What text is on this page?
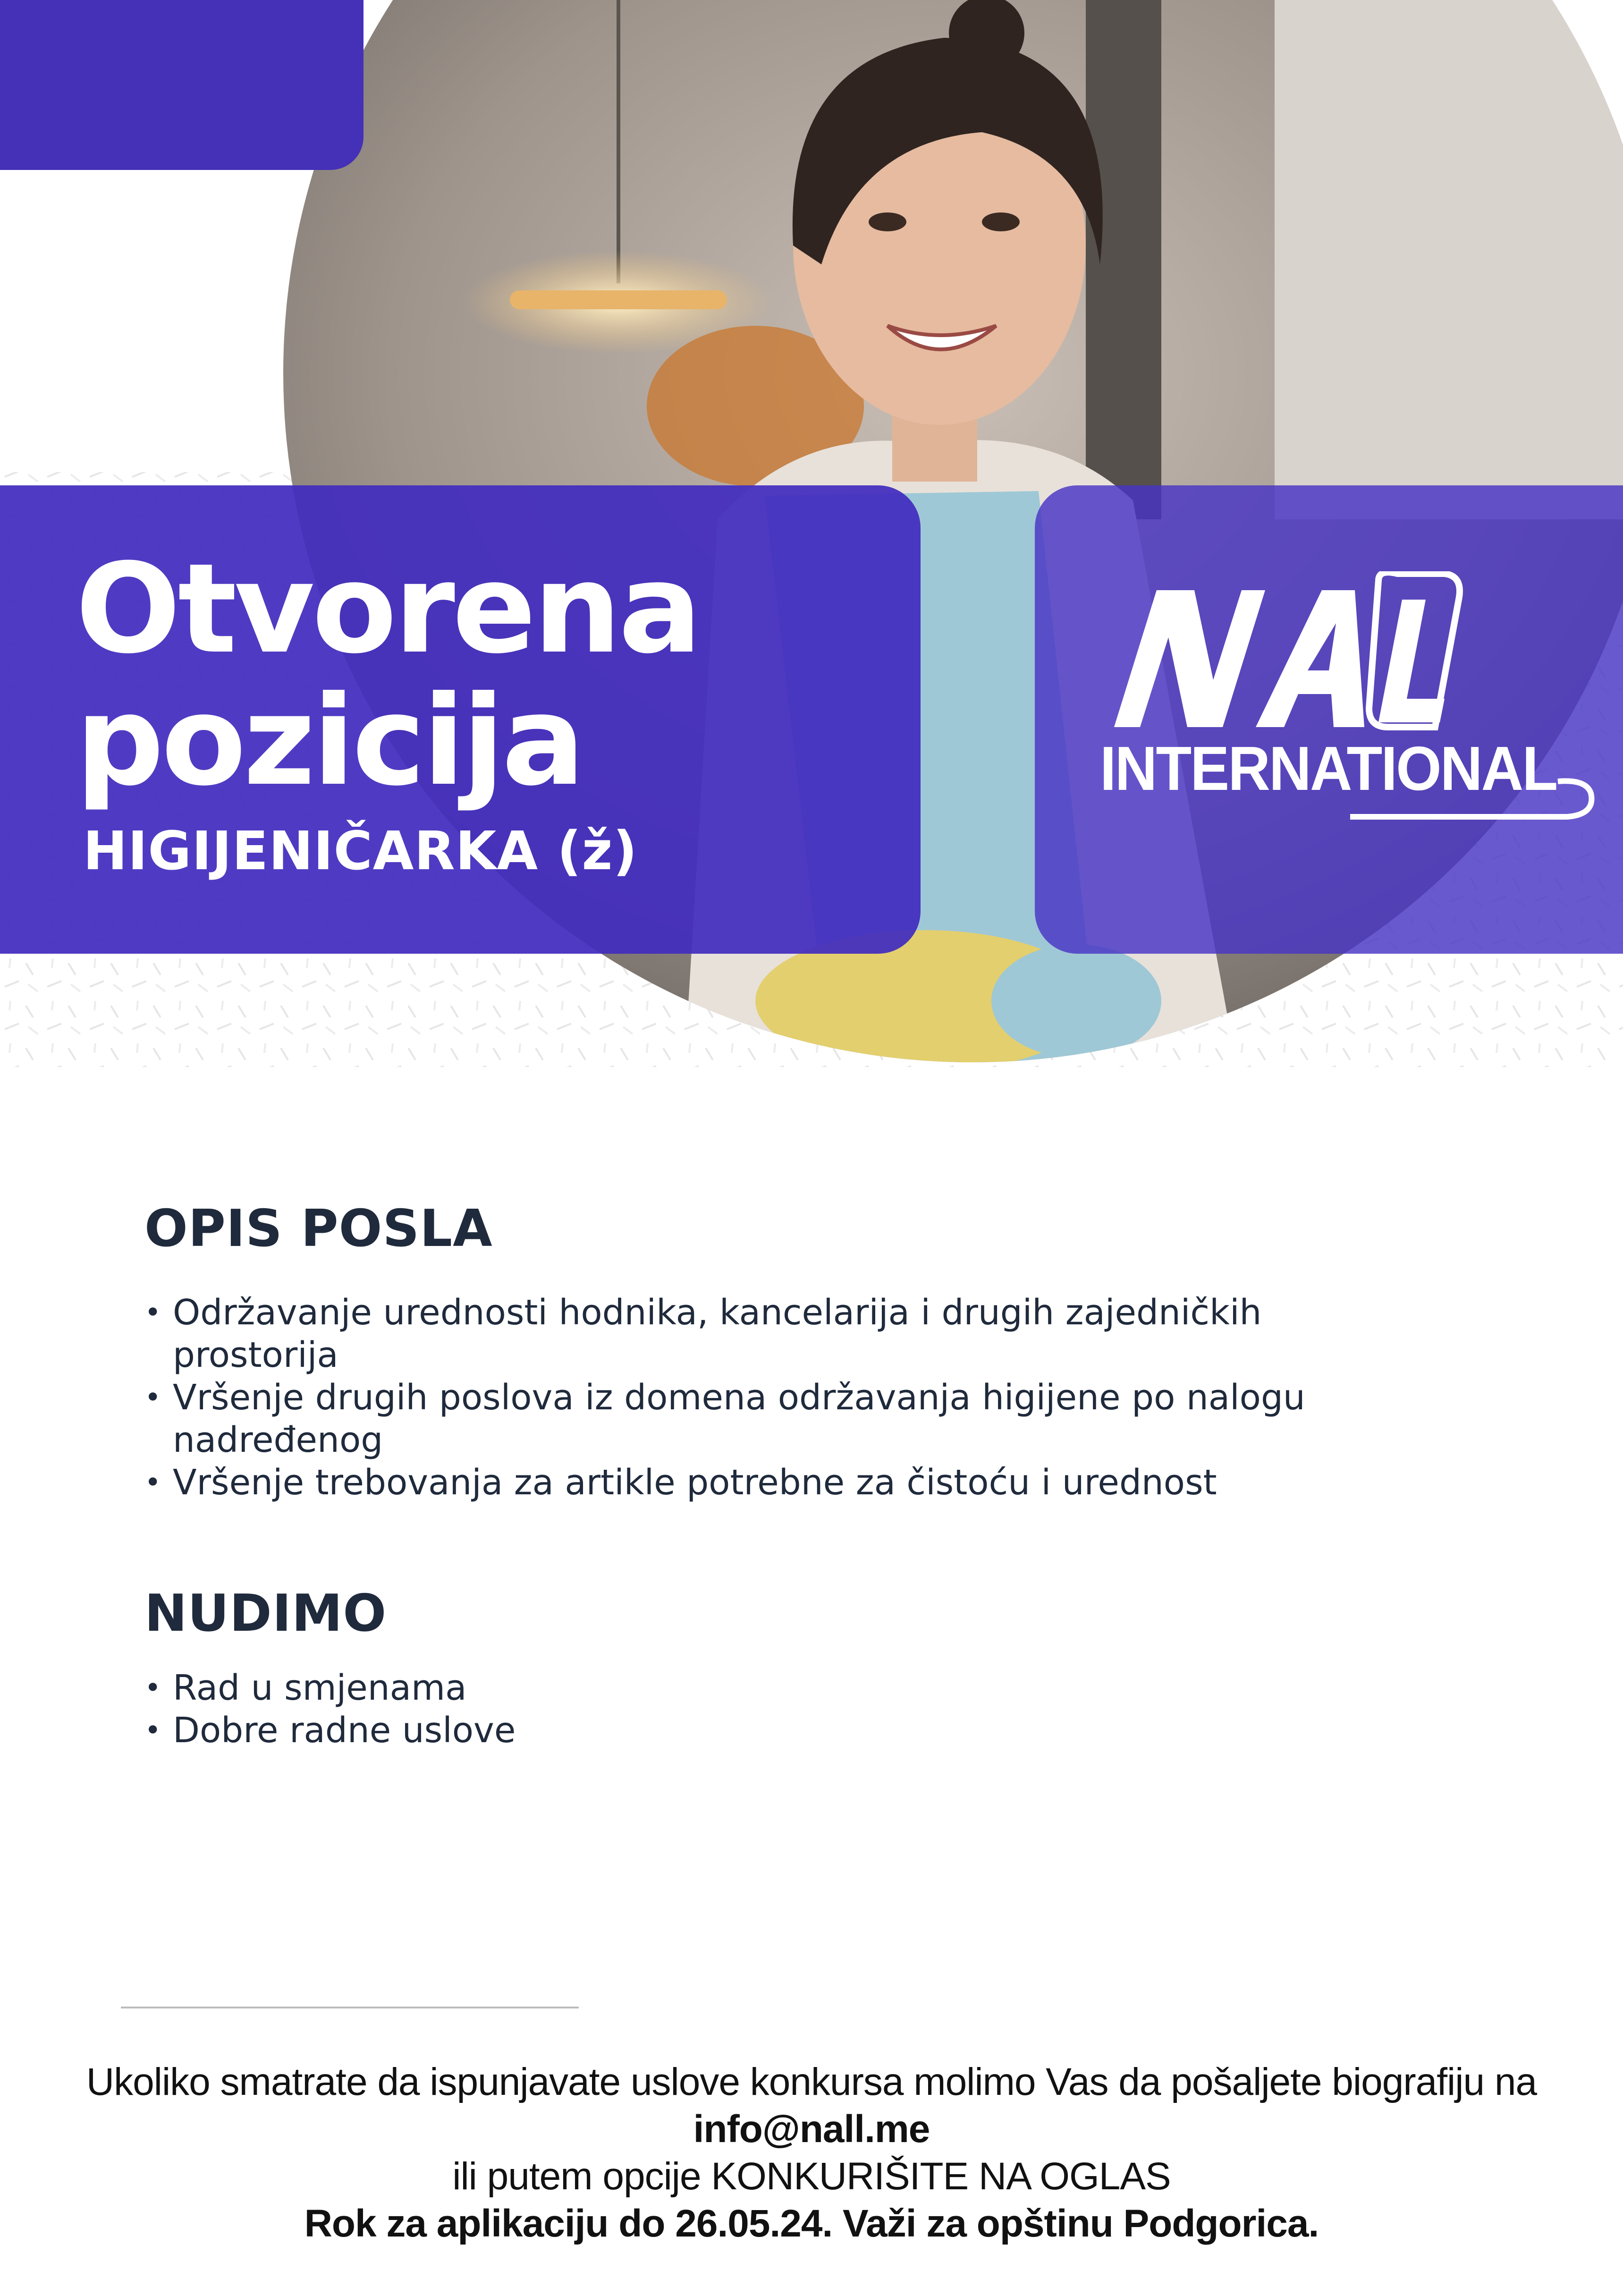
Otvorena
pozicija
HIGIJENIČARKA (ž)
INTERNATIONAL
OPIS POSLA
• Održavanje urednosti hodnika, kancelarija i drugih zajedničkih prostorija
• Vršenje drugih poslova iz domena održavanja higijene po nalogu nadređenog
• Vršenje trebovanja za artikle potrebne za čistoću i urednost
NUDIMO
• Rad u smjenama
• Dobre radne uslove

Ukoliko smatrate da ispunjavate uslove konkursa molimo Vas da pošaljete biografiju na info@nall.me

ili putem opcije KONKURIŠITE NA OGLAS

Rok za aplikaciju do 26.05.24. Važi za opštinu Podgorica.
